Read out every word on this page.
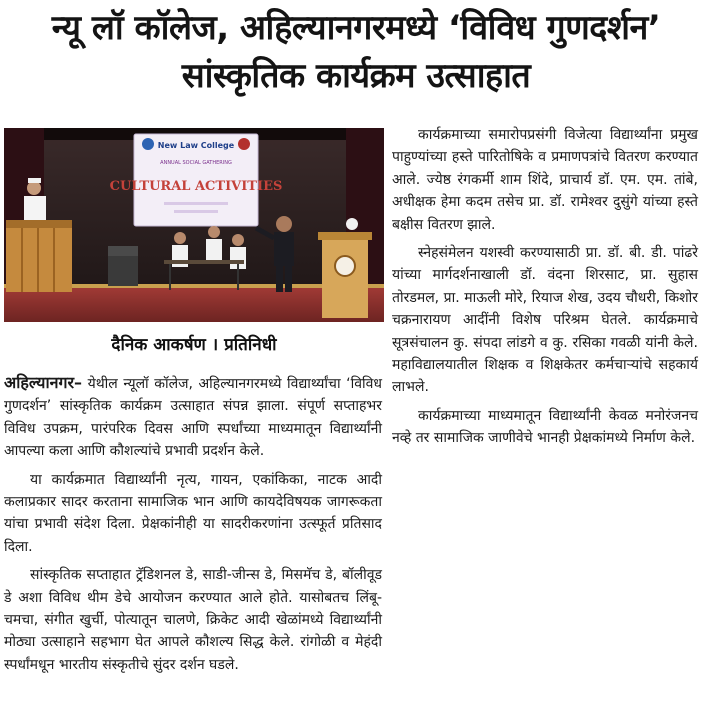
न्यू लॉ कॉलेज, अहिल्यानगरमध्ये ‘विविध गुणदर्शन’ सांस्कृतिक कार्यक्रम उत्साहात
New Law College
ANNUAL SOCIAL GATHERING
CULTURAL ACTIVITIES
दैनिक आकर्षण । प्रतिनिधी

अहिल्यानगर– येथील न्यूलॉ कॉलेज, अहिल्यानगरमध्ये विद्यार्थ्यांचा ‘विविध गुणदर्शन’ सांस्कृतिक कार्यक्रम उत्साहात संपन्न झाला. संपूर्ण सप्ताहभर विविध उपक्रम, पारंपरिक दिवस आणि स्पर्धांच्या माध्यमातून विद्यार्थ्यांनी आपल्या कला आणि कौशल्यांचे प्रभावी प्रदर्शन केले.

या कार्यक्रमात विद्यार्थ्यांनी नृत्य, गायन, एकांकिका, नाटक आदी कलाप्रकार सादर करताना सामाजिक भान आणि कायदेविषयक जागरूकता यांचा प्रभावी संदेश दिला. प्रेक्षकांनीही या सादरीकरणांना उत्स्फूर्त प्रतिसाद दिला.

सांस्कृतिक सप्ताहात ट्रॅडिशनल डे, साडी-जीन्स डे, मिसमॅच डे, बॉलीवूड डे अशा विविध थीम डेचे आयोजन करण्यात आले होते. यासोबतच लिंबू-चमचा, संगीत खुर्ची, पोत्यातून चालणे, क्रिकेट आदी खेळांमध्ये विद्यार्थ्यांनी मोठ्या उत्साहाने सहभाग घेत आपले कौशल्य सिद्ध केले. रांगोळी व मेहंदी स्पर्धांमधून भारतीय संस्कृतीचे सुंदर दर्शन घडले.

कार्यक्रमाच्या समारोपप्रसंगी विजेत्या विद्यार्थ्यांना प्रमुख पाहुण्यांच्या हस्ते पारितोषिके व प्रमाणपत्रांचे वितरण करण्यात आले. ज्येष्ठ रंगकर्मी शाम शिंदे, प्राचार्य डॉ. एम. एम. तांबे, अधीक्षक हेमा कदम तसेच प्रा. डॉ. रामेश्वर दुसुंगे यांच्या हस्ते बक्षीस वितरण झाले.

स्नेहसंमेलन यशस्वी करण्यासाठी प्रा. डॉ. बी. डी. पांढरे यांच्या मार्गदर्शनाखाली डॉ. वंदना शिरसाट, प्रा. सुहास तोरडमल, प्रा. माऊली मोरे, रियाज शेख, उदय चौधरी, किशोर चक्रनारायण आदींनी विशेष परिश्रम घेतले. कार्यक्रमाचे सूत्रसंचालन कु. संपदा लांडगे व कु. रसिका गवळी यांनी केले. महाविद्यालयातील शिक्षक व शिक्षकेतर कर्मचाऱ्यांचे सहकार्य लाभले.

कार्यक्रमाच्या माध्यमातून विद्यार्थ्यांनी केवळ मनोरंजनच नव्हे तर सामाजिक जाणीवेचे भानही प्रेक्षकांमध्ये निर्माण केले.
